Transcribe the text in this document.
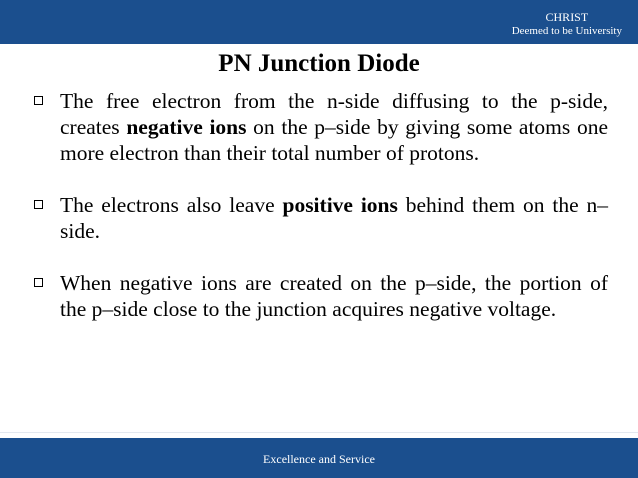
CHRIST
Deemed to be University
PN Junction Diode
The free electron from the n-side diffusing to the p-side, creates negative ions on the p–side by giving some atoms one more electron than their total number of protons.
The electrons also leave positive ions behind them on the n–side.
When negative ions are created on the p–side, the portion of the p–side close to the junction acquires negative voltage.
Excellence and Service
